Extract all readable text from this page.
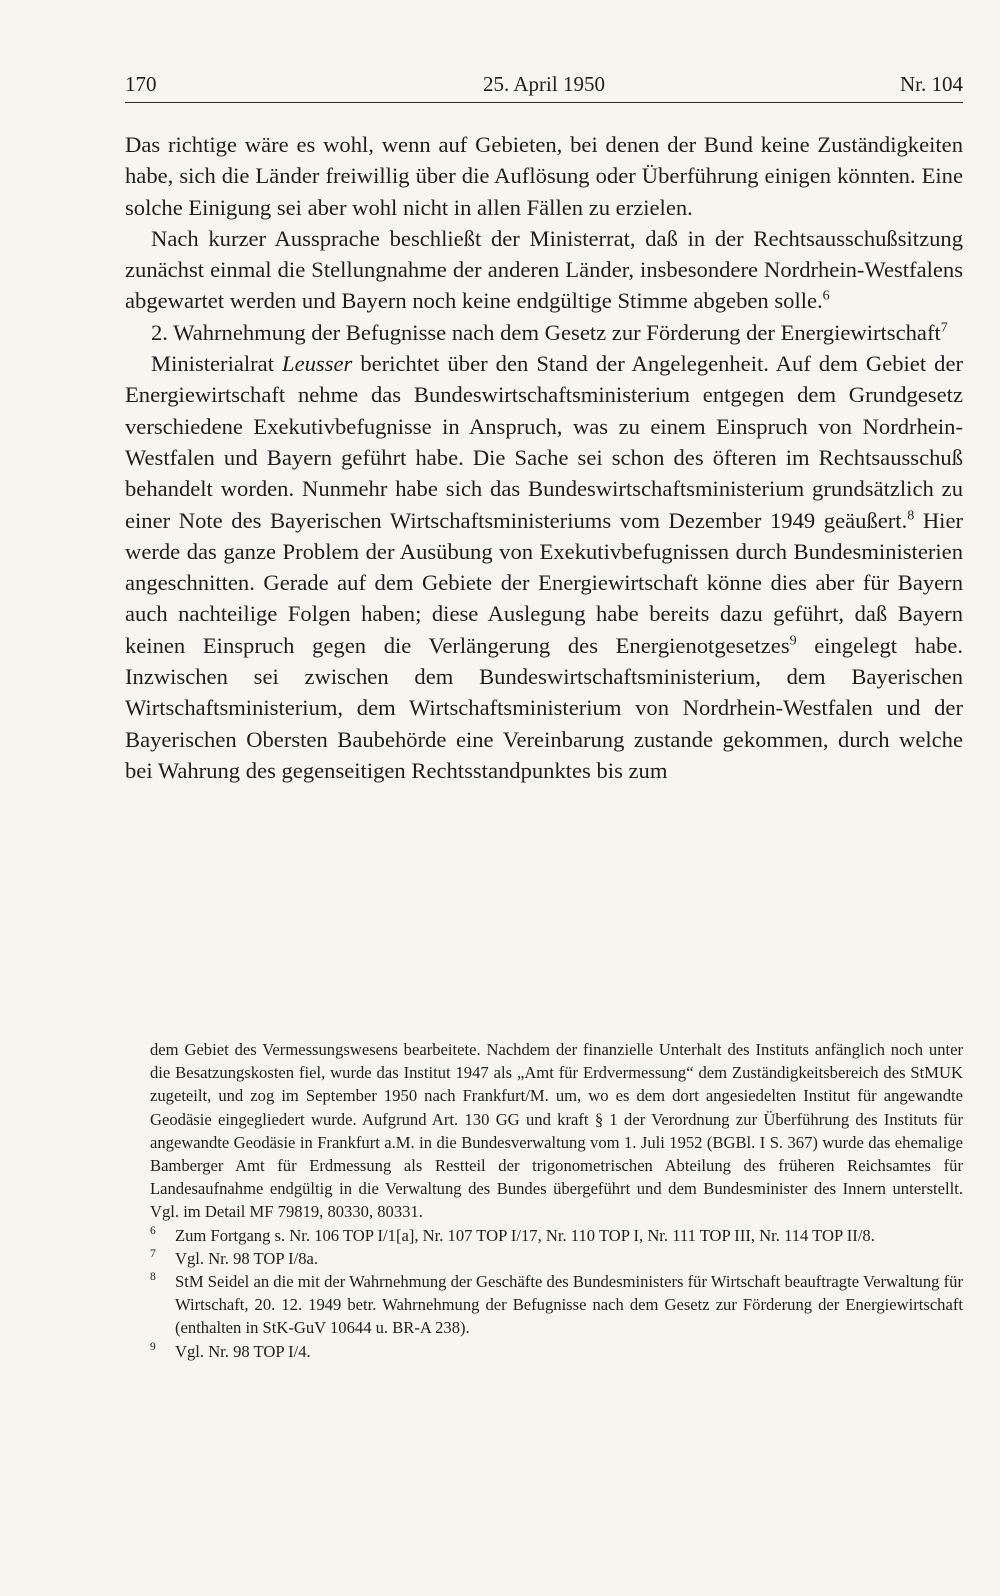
170	25. April 1950	Nr. 104

Das richtige wäre es wohl, wenn auf Gebieten, bei denen der Bund keine Zuständigkeiten habe, sich die Länder freiwillig über die Auflösung oder Überführung einigen könnten. Eine solche Einigung sei aber wohl nicht in allen Fällen zu erzielen.

Nach kurzer Aussprache beschließt der Ministerrat, daß in der Rechtsausschußsitzung zunächst einmal die Stellungnahme der anderen Länder, insbesondere Nordrhein-Westfalens abgewartet werden und Bayern noch keine endgültige Stimme abgeben solle.$^6$

2. Wahrnehmung der Befugnisse nach dem Gesetz zur Förderung der Energiewirtschaft$^7$

Ministerialrat Leusser berichtet über den Stand der Angelegenheit. Auf dem Gebiet der Energiewirtschaft nehme das Bundeswirtschaftsministerium entgegen dem Grundgesetz verschiedene Exekutivbefugnisse in Anspruch, was zu einem Einspruch von Nordrhein-Westfalen und Bayern geführt habe. Die Sache sei schon des öfteren im Rechtsausschuß behandelt worden. Nunmehr habe sich das Bundeswirtschaftsministerium grundsätzlich zu einer Note des Bayerischen Wirtschaftsministeriums vom Dezember 1949 geäußert.$^8$ Hier werde das ganze Problem der Ausübung von Exekutivbefugnissen durch Bundesministerien angeschnitten. Gerade auf dem Gebiete der Energiewirtschaft könne dies aber für Bayern auch nachteilige Folgen haben; diese Auslegung habe bereits dazu geführt, daß Bayern keinen Einspruch gegen die Verlängerung des Energienotgesetzes$^9$ eingelegt habe. Inzwischen sei zwischen dem Bundeswirtschaftsministerium, dem Bayerischen Wirtschaftsministerium, dem Wirtschaftsministerium von Nordrhein-Westfalen und der Bayerischen Obersten Baubehörde eine Vereinbarung zustande gekommen, durch welche bei Wahrung des gegenseitigen Rechtsstandpunktes bis zum

dem Gebiet des Vermessungswesens bearbeitete. Nachdem der finanzielle Unterhalt des Instituts anfänglich noch unter die Besatzungskosten fiel, wurde das Institut 1947 als „Amt für Erdvermessung“ dem Zuständigkeitsbereich des StMUK zugeteilt, und zog im September 1950 nach Frankfurt/M. um, wo es dem dort angesiedelten Institut für angewandte Geodäsie eingegliedert wurde. Aufgrund Art. 130 GG und kraft § 1 der Verordnung zur Überführung des Instituts für angewandte Geodäsie in Frankfurt a.M. in die Bundesverwaltung vom 1. Juli 1952 (BGBl. I S. 367) wurde das ehemalige Bamberger Amt für Erdmessung als Restteil der trigonometrischen Abteilung des früheren Reichsamtes für Landesaufnahme endgültig in die Verwaltung des Bundes übergeführt und dem Bundesminister des Innern unterstellt. Vgl. im Detail MF 79819, 80330, 80331.

6 Zum Fortgang s. Nr. 106 TOP I/1[a], Nr. 107 TOP I/17, Nr. 110 TOP I, Nr. 111 TOP III, Nr. 114 TOP II/8.

7 Vgl. Nr. 98 TOP I/8a.

8 StM Seidel an die mit der Wahrnehmung der Geschäfte des Bundesministers für Wirtschaft beauftragte Verwaltung für Wirtschaft, 20. 12. 1949 betr. Wahrnehmung der Befugnisse nach dem Gesetz zur Förderung der Energiewirtschaft (enthalten in StK-GuV 10644 u. BR-A 238).

9 Vgl. Nr. 98 TOP I/4.
